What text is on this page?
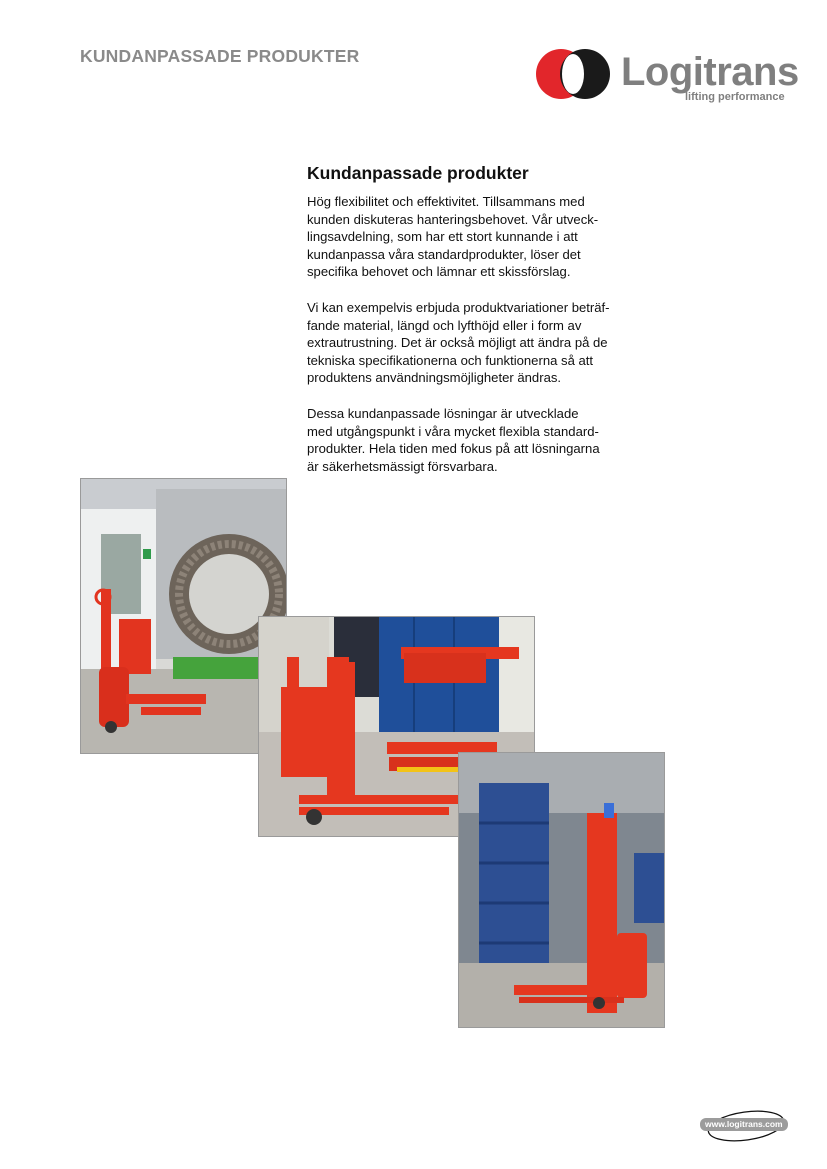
KUNDANPASSADE PRODUKTER	Logitrans
lifting performance
Kundanpassade produkter

Hög flexibilitet och effektivitet. Tillsammans med
kunden diskuteras hanteringsbehovet. Vår utveck-
lingsavdelning, som har ett stort kunnande i att
kundanpassa våra standardprodukter, löser det
specifika behovet och lämnar ett skissförslag.

Vi kan exempelvis erbjuda produktvariationer beträf-
fande material, längd och lyfthöjd eller i form av
extrautrustning. Det är också möjligt att ändra på de
tekniska specifikationerna och funktionerna så att
produktens användningsmöjligheter ändras.

Dessa kundanpassade lösningar är utvecklade
med utgångspunkt i våra mycket flexibla standard-
produkter. Hela tiden med fokus på att lösningarna
är säkerhetsmässigt försvarbara.

www.logitrans.com
